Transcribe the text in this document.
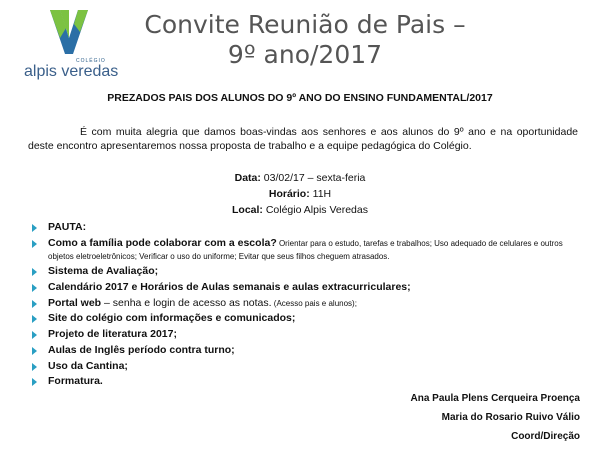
COLÉGIO
alpis veredas
Convite Reunião de Pais –
9º ano/2017
PREZADOS PAIS DOS ALUNOS DO 9º ANO DO ENSINO FUNDAMENTAL/2017
É com muita alegria que damos boas-vindas aos senhores e aos alunos do 9º ano e na oportunidade deste encontro apresentaremos nossa proposta de trabalho e a equipe pedagógica do Colégio.
Data: 03/02/17 – sexta-feria
Horário: 11H
Local: Colégio Alpis Veredas
PAUTA:
Como a família pode colaborar com a escola? Orientar para o estudo, tarefas e trabalhos; Uso adequado de celulares e outros objetos eletroeletrônicos; Verificar o uso do uniforme; Evitar que seus filhos cheguem atrasados.
Sistema de Avaliação;
Calendário 2017 e Horários de Aulas semanais e aulas extracurriculares;
Portal web – senha e login de acesso as notas. (Acesso pais e alunos);
Site do colégio com informações e comunicados;
Projeto de literatura 2017;
Aulas de Inglês período contra turno;
Uso da Cantina;
Formatura.
Ana Paula Plens Cerqueira Proença
Maria do Rosario Ruivo Válio
Coord/Direção
